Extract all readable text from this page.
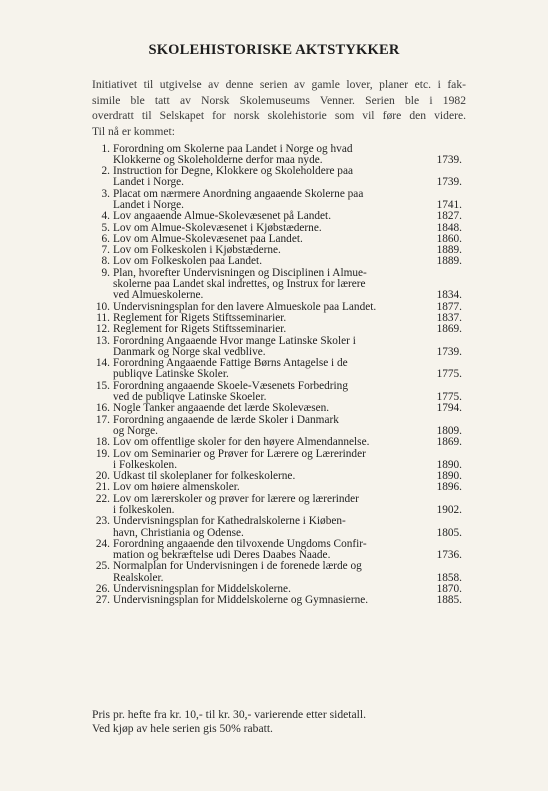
SKOLEHISTORISKE AKTSTYKKER
Initiativet til utgivelse av denne serien av gamle lover, planer etc. i fak-
simile ble tatt av Norsk Skolemuseums Venner. Serien ble i 1982
overdratt til Selskapet for norsk skolehistorie som vil føre den videre.
Til nå er kommet:
1. Forordning om Skolerne paa Landet i Norge og hvad
Klokkerne og Skoleholderne derfor maa nyde.	1739.
2. Instruction for Degne, Klokkere og Skoleholdere paa
Landet i Norge.	1739.
3. Placat om nærmere Anordning angaaende Skolerne paa
Landet i Norge.	1741.
4. Lov angaaende Almue-Skolevæsenet på Landet.	1827.
5. Lov om Almue-Skolevæsenet i Kjøbstæderne.	1848.
6. Lov om Almue-Skolevæsenet paa Landet.	1860.
7. Lov om Folkeskolen i Kjøbstæderne.	1889.
8. Lov om Folkeskolen paa Landet.	1889.
9. Plan, hvorefter Undervisningen og Disciplinen i Almue-
skolerne paa Landet skal indrettes, og Instrux for lærere
ved Almueskolerne.	1834.
10. Undervisningsplan for den lavere Almueskole paa Landet.	1877.
11. Reglement for Rigets Stiftsseminarier.	1837.
12. Reglement for Rigets Stiftsseminarier.	1869.
13. Forordning Angaaende Hvor mange Latinske Skoler i
Danmark og Norge skal vedblive.	1739.
14. Forordning Angaaende Fattige Børns Antagelse i de
publiqve Latinske Skoler.	1775.
15. Forordning angaaende Skoele-Væsenets Forbedring
ved de publiqve Latinske Skoeler.	1775.
16. Nogle Tanker angaaende det lærde Skolevæsen.	1794.
17. Forordning angaaende de lærde Skoler i Danmark
og Norge.	1809.
18. Lov om offentlige skoler for den høyere Almendannelse.	1869.
19. Lov om Seminarier og Prøver for Lærere og Lærerinder
i Folkeskolen.	1890.
20. Udkast til skoleplaner for folkeskolerne.	1890.
21. Lov om høiere almenskoler.	1896.
22. Lov om lærerskoler og prøver for lærere og lærerinder
i folkeskolen.	1902.
23. Undervisningsplan for Kathedralskolerne i Kiøben-
havn, Christiania og Odense.	1805.
24. Forordning angaaende den tilvoxende Ungdoms Confir-
mation og bekræftelse udi Deres Daabes Naade.	1736.
25. Normalplan for Undervisningen i de forenede lærde og
Realskoler.	1858.
26. Undervisningsplan for Middelskolerne.	1870.
27. Undervisningsplan for Middelskolerne og Gymnasierne.	1885.
Pris pr. hefte fra kr. 10,- til kr. 30,- varierende etter sidetall.
Ved kjøp av hele serien gis 50% rabatt.
